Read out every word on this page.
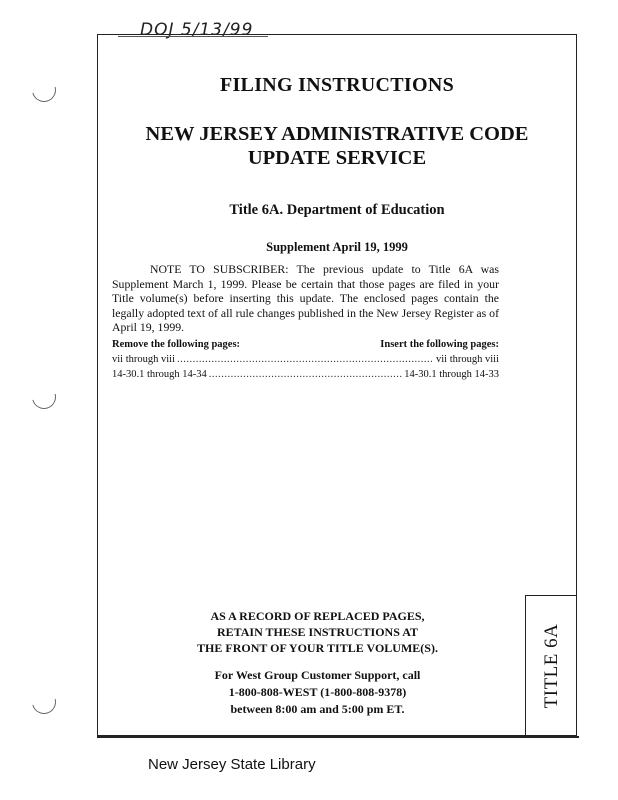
DOJ 5/13/99
FILING INSTRUCTIONS
NEW JERSEY ADMINISTRATIVE CODE
UPDATE SERVICE
Title 6A. Department of Education
Supplement April 19, 1999
NOTE TO SUBSCRIBER: The previous update to Title 6A was Supplement March 1, 1999. Please be certain that those pages are filed in your Title volume(s) before inserting this update. The enclosed pages contain the legally adopted text of all rule changes published in the New Jersey Register as of April 19, 1999.
Remove the following pages:	Insert the following pages:
vii through viii .....	vii through viii
14-30.1 through 14-34 .....	14-30.1 through 14-33
AS A RECORD OF REPLACED PAGES,
RETAIN THESE INSTRUCTIONS AT
THE FRONT OF YOUR TITLE VOLUME(S).
For West Group Customer Support, call
1-800-808-WEST (1-800-808-9378)
between 8:00 am and 5:00 pm ET.
TITLE 6A
New Jersey State Library
